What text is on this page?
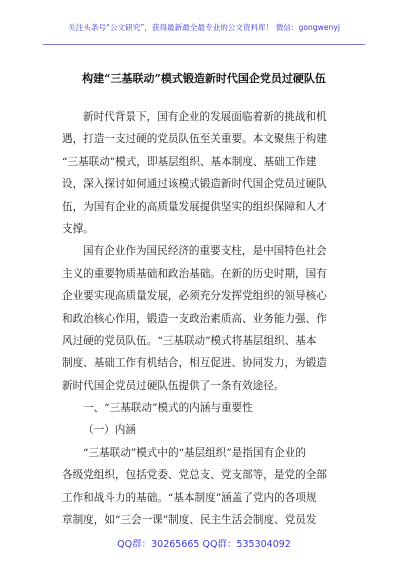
关注头条号“公文研究”，获得最新最全最专业的公文资料库！ 微信：gongwenyj
构建“三基联动”模式锻造新时代国企党员过硬队伍
新时代背景下，国有企业的发展面临着新的挑战和机
遇，打造一支过硬的党员队伍至关重要。本文聚焦于构建
“三基联动”模式，即基层组织、基本制度、基础工作建
设，深入探讨如何通过该模式锻造新时代国企党员过硬队
伍，为国有企业的高质量发展提供坚实的组织保障和人才
支撑。
国有企业作为国民经济的重要支柱，是中国特色社会
主义的重要物质基础和政治基础。在新的历史时期，国有
企业要实现高质量发展，必须充分发挥党组织的领导核心
和政治核心作用，锻造一支政治素质高、业务能力强、作
风过硬的党员队伍。“三基联动”模式将基层组织、基本
制度、基础工作有机结合，相互促进、协同发力，为锻造
新时代国企党员过硬队伍提供了一条有效途径。
一、“三基联动”模式的内涵与重要性
（一）内涵
“三基联动”模式中的“基层组织”是指国有企业的
各级党组织，包括党委、党总支、党支部等，是党的全部
工作和战斗力的基础。“基本制度”涵盖了党内的各项规
章制度，如“三会一课”制度、民主生活会制度、党员发
QQ群：30265665 QQ群：535304092
